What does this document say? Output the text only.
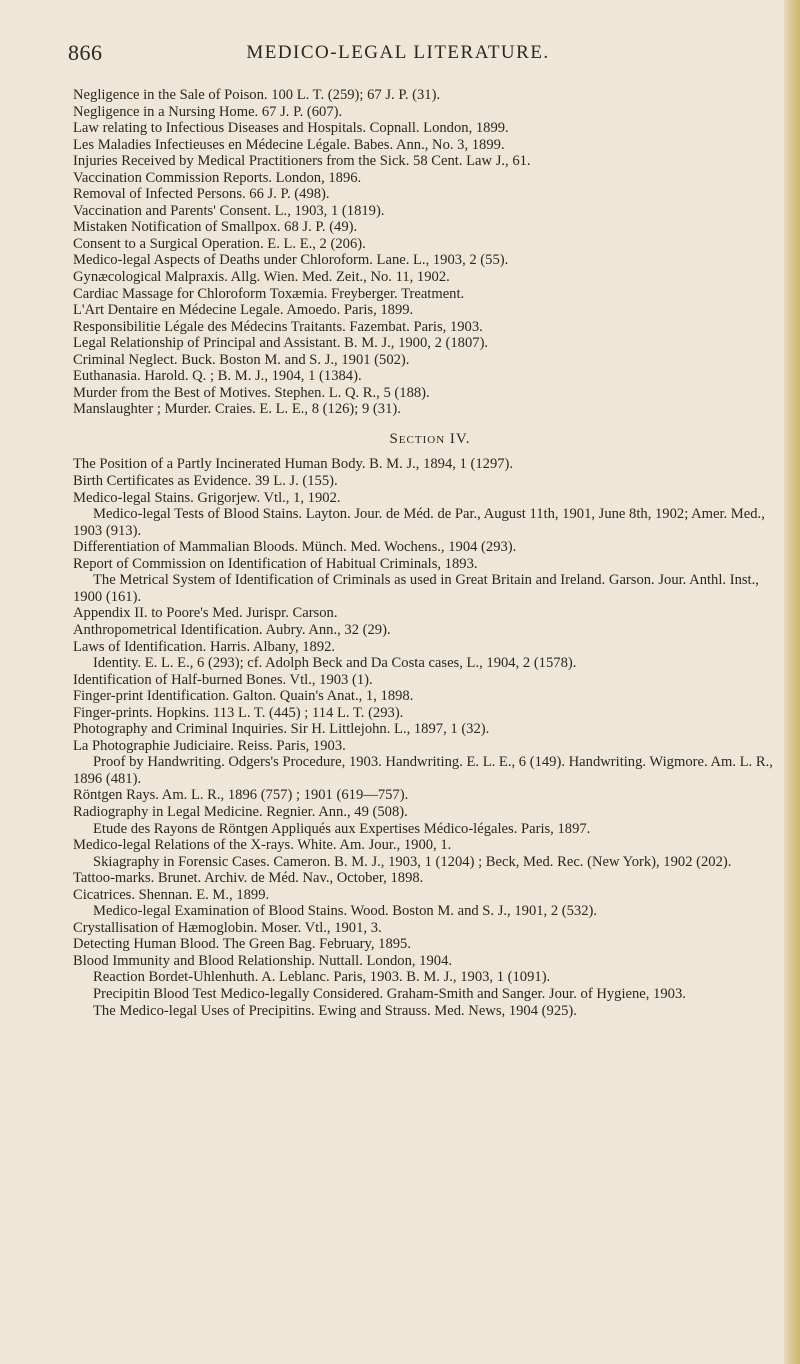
866	MEDICO-LEGAL LITERATURE.

Negligence in the Sale of Poison. 100 L. T. (259); 67 J. P. (31).

Negligence in a Nursing Home. 67 J. P. (607).

Law relating to Infectious Diseases and Hospitals. Copnall. London, 1899.

Les Maladies Infectieuses en Médecine Légale. Babes. Ann., No. 3, 1899.

Injuries Received by Medical Practitioners from the Sick. 58 Cent. Law J., 61.

Vaccination Commission Reports. London, 1896.

Removal of Infected Persons. 66 J. P. (498).

Vaccination and Parents' Consent. L., 1903, 1 (1819).

Mistaken Notification of Smallpox. 68 J. P. (49).

Consent to a Surgical Operation. E. L. E., 2 (206).

Medico-legal Aspects of Deaths under Chloroform. Lane. L., 1903, 2 (55).

Gynæcological Malpraxis. Allg. Wien. Med. Zeit., No. 11, 1902.

Cardiac Massage for Chloroform Toxæmia. Freyberger. Treatment.

L'Art Dentaire en Médecine Legale. Amoedo. Paris, 1899.

Responsibilitie Légale des Médecins Traitants. Fazembat. Paris, 1903.

Legal Relationship of Principal and Assistant. B. M. J., 1900, 2 (1807).

Criminal Neglect. Buck. Boston M. and S. J., 1901 (502).

Euthanasia. Harold. Q. ; B. M. J., 1904, 1 (1384).

Murder from the Best of Motives. Stephen. L. Q. R., 5 (188).

Manslaughter ; Murder. Craies. E. L. E., 8 (126); 9 (31).

Section IV.

The Position of a Partly Incinerated Human Body. B. M. J., 1894, 1 (1297).

Birth Certificates as Evidence. 39 L. J. (155).

Medico-legal Stains. Grigorjew. Vtl., 1, 1902.

Medico-legal Tests of Blood Stains. Layton. Jour. de Méd. de Par., August 11th, 1901, June 8th, 1902; Amer. Med., 1903 (913).

Differentiation of Mammalian Bloods. Münch. Med. Wochens., 1904 (293).

Report of Commission on Identification of Habitual Criminals, 1893.

The Metrical System of Identification of Criminals as used in Great Britain and Ireland. Garson. Jour. Anthl. Inst., 1900 (161).

Appendix II. to Poore's Med. Jurispr. Carson.

Anthropometrical Identification. Aubry. Ann., 32 (29).

Laws of Identification. Harris. Albany, 1892.

Identity. E. L. E., 6 (293); cf. Adolph Beck and Da Costa cases, L., 1904, 2 (1578).

Identification of Half-burned Bones. Vtl., 1903 (1).

Finger-print Identification. Galton. Quain's Anat., 1, 1898.

Finger-prints. Hopkins. 113 L. T. (445) ; 114 L. T. (293).

Photography and Criminal Inquiries. Sir H. Littlejohn. L., 1897, 1 (32).

La Photographie Judiciaire. Reiss. Paris, 1903.

Proof by Handwriting. Odgers's Procedure, 1903. Handwriting. E. L. E., 6 (149). Handwriting. Wigmore. Am. L. R., 1896 (481).

Röntgen Rays. Am. L. R., 1896 (757) ; 1901 (619—757).

Radiography in Legal Medicine. Regnier. Ann., 49 (508).

Etude des Rayons de Röntgen Appliqués aux Expertises Médico-légales. Paris, 1897.

Medico-legal Relations of the X-rays. White. Am. Jour., 1900, 1.

Skiagraphy in Forensic Cases. Cameron. B. M. J., 1903, 1 (1204) ; Beck, Med. Rec. (New York), 1902 (202).

Tattoo-marks. Brunet. Archiv. de Méd. Nav., October, 1898.

Cicatrices. Shennan. E. M., 1899.

Medico-legal Examination of Blood Stains. Wood. Boston M. and S. J., 1901, 2 (532).

Crystallisation of Hæmoglobin. Moser. Vtl., 1901, 3.

Detecting Human Blood. The Green Bag. February, 1895.

Blood Immunity and Blood Relationship. Nuttall. London, 1904.

Reaction Bordet-Uhlenhuth. A. Leblanc. Paris, 1903. B. M. J., 1903, 1 (1091).

Precipitin Blood Test Medico-legally Considered. Graham-Smith and Sanger. Jour. of Hygiene, 1903.

The Medico-legal Uses of Precipitins. Ewing and Strauss. Med. News, 1904 (925).
